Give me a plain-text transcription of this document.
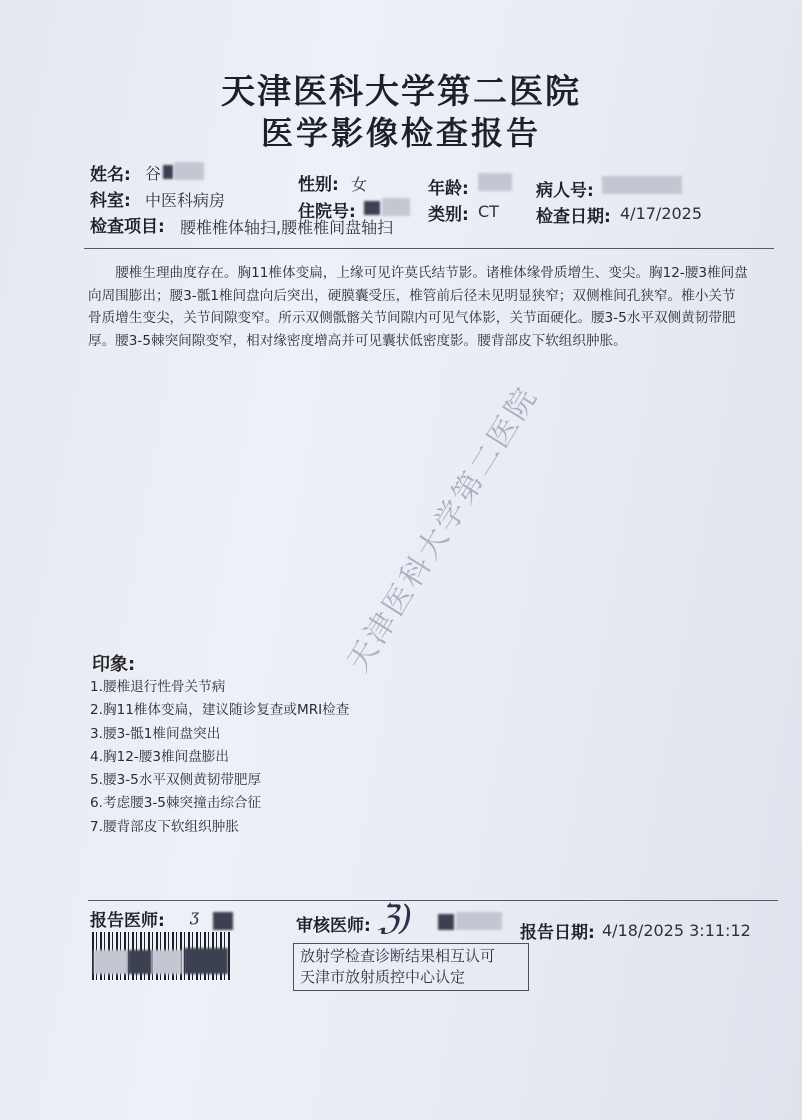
天津医科大学第二医院
医学影像检查报告
姓名: 谷
性别: 女	年龄:	病人号:
科室: 中医科病房
住院号:	类别: CT 检查日期: 4/17/2025
检查项目: 腰椎椎体轴扫,腰椎椎间盘轴扫
腰椎生理曲度存在。胸11椎体变扁，上缘可见许莫氏结节影。诸椎体缘骨质增生、变尖。胸12-腰3椎间盘向周围膨出；腰3-骶1椎间盘向后突出，硬膜囊受压，椎管前后径未见明显狭窄；双侧椎间孔狭窄。椎小关节骨质增生变尖，关节间隙变窄。所示双侧骶髂关节间隙内可见气体影，关节面硬化。腰3-5水平双侧黄韧带肥厚。腰3-5棘突间隙变窄，相对缘密度增高并可见囊状低密度影。腰背部皮下软组织肿胀。
天津医科大学第二医院
印象:
1.腰椎退行性骨关节病
2.胸11椎体变扁，建议随诊复查或MRI检查
3.腰3-骶1椎间盘突出
4.胸12-腰3椎间盘膨出
5.腰3-5水平双侧黄韧带肥厚
6.考虑腰3-5棘突撞击综合征
7.腰背部皮下软组织肿胀
报告医师: ʒ
审核医师: ℨ)	报告日期: 4/18/2025 3:11:12
放射学检查诊断结果相互认可
天津市放射质控中心认定
